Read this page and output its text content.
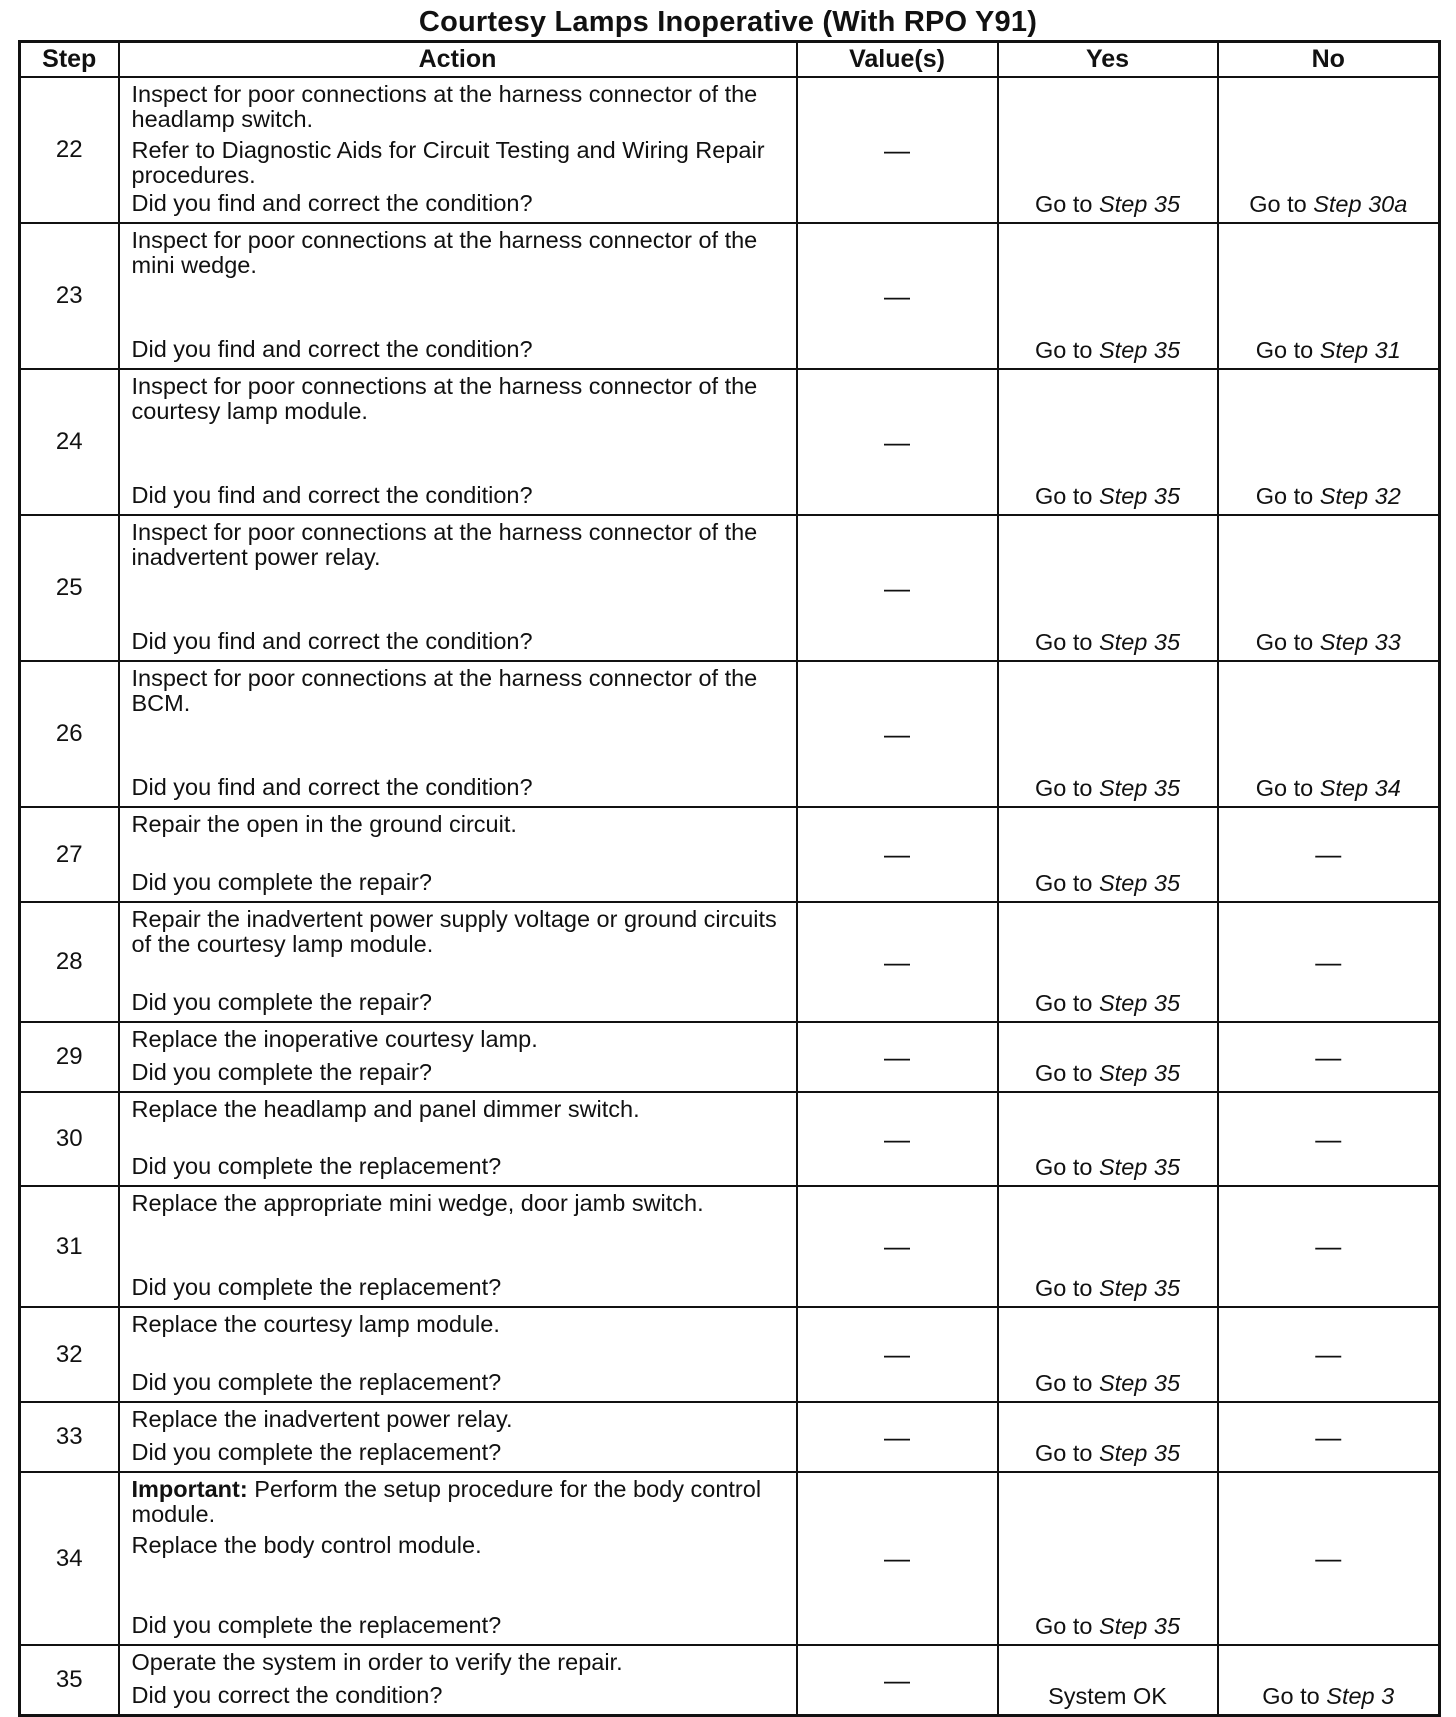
Courtesy Lamps Inoperative (With RPO Y91)
Step	Action	Value(s)	Yes	No
22	Inspect for poor connections at the harness connector of the headlamp switch.
Refer to Diagnostic Aids for Circuit Testing and Wiring Repair procedures.
Did you find and correct the condition?	—	Go to Step 35	Go to Step 30a
23	Inspect for poor connections at the harness connector of the mini wedge.
Did you find and correct the condition?	—	Go to Step 35	Go to Step 31
24	Inspect for poor connections at the harness connector of the courtesy lamp module.
Did you find and correct the condition?	—	Go to Step 35	Go to Step 32
25	Inspect for poor connections at the harness connector of the inadvertent power relay.
Did you find and correct the condition?	—	Go to Step 35	Go to Step 33
26	Inspect for poor connections at the harness connector of the BCM.
Did you find and correct the condition?	—	Go to Step 35	Go to Step 34
27	Repair the open in the ground circuit.
Did you complete the repair?	—	Go to Step 35	—
28	Repair the inadvertent power supply voltage or ground circuits of the courtesy lamp module.
Did you complete the repair?	—	Go to Step 35	—
29	Replace the inoperative courtesy lamp.
Did you complete the repair?	—	Go to Step 35	—
30	Replace the headlamp and panel dimmer switch.
Did you complete the replacement?	—	Go to Step 35	—
31	Replace the appropriate mini wedge, door jamb switch.
Did you complete the replacement?	—	Go to Step 35	—
32	Replace the courtesy lamp module.
Did you complete the replacement?	—	Go to Step 35	—
33	Replace the inadvertent power relay.
Did you complete the replacement?	—	Go to Step 35	—
34	Important: Perform the setup procedure for the body control module.
Replace the body control module.
Did you complete the replacement?	—	Go to Step 35	—
35	Operate the system in order to verify the repair.
Did you correct the condition?	—	System OK	Go to Step 3
